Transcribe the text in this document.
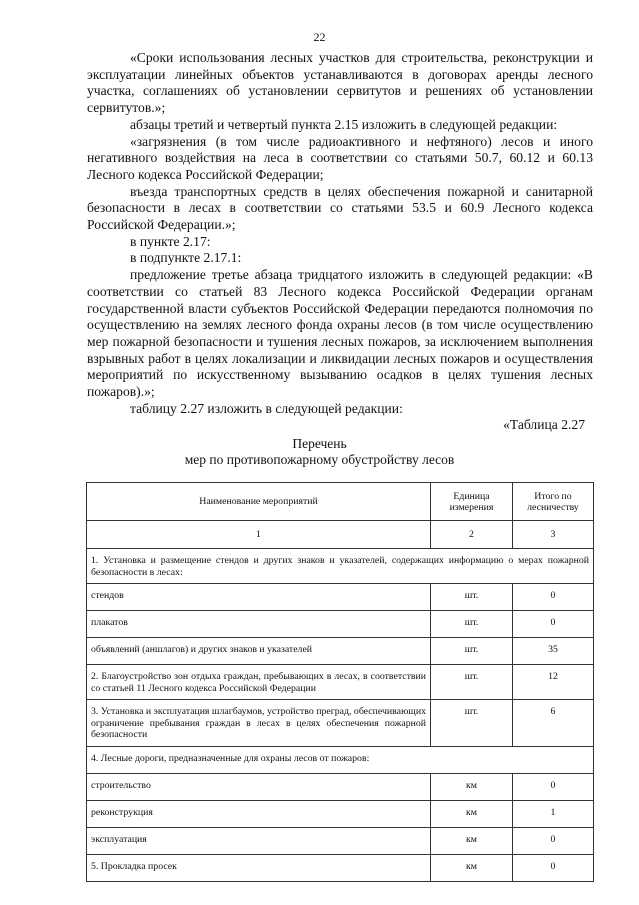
22

«Сроки использования лесных участков для строительства, реконструкции и эксплуатации линейных объектов устанавливаются в договорах аренды лесного участка, соглашениях об установлении сервитутов и решениях об установлении сервитутов.»;

абзацы третий и четвертый пункта 2.15 изложить в следующей редакции:

«загрязнения (в том числе радиоактивного и нефтяного) лесов и иного негативного воздействия на леса в соответствии со статьями 50.7, 60.12 и 60.13 Лесного кодекса Российской Федерации;

въезда транспортных средств в целях обеспечения пожарной и санитарной безопасности в лесах в соответствии со статьями 53.5 и 60.9 Лесного кодекса Российской Федерации.»;

в пункте 2.17:

в подпункте 2.17.1:

предложение третье абзаца тридцатого изложить в следующей редакции: «В соответствии со статьей 83 Лесного кодекса Российской Федерации органам государственной власти субъектов Российской Федерации передаются полномочия по осуществлению на землях лесного фонда охраны лесов (в том числе осуществлению мер пожарной безопасности и тушения лесных пожаров, за исключением выполнения взрывных работ в целях локализации и ликвидации лесных пожаров и осуществления мероприятий по искусственному вызыванию осадков в целях тушения лесных пожаров).»;

таблицу 2.27 изложить в следующей редакции:

«Таблица 2.27

Перечень
мер по противопожарному обустройству лесов
Наименование мероприятий	Единица измерения	Итого по лесничеству
1	2	3
1. Установка и размещение стендов и других знаков и указателей, содержащих информацию о мерах пожарной безопасности в лесах:		
стендов	шт.	0
плакатов	шт.	0
объявлений (аншлагов) и других знаков и указателей	шт.	35
2. Благоустройство зон отдыха граждан, пребывающих в лесах, в соответствии со статьей 11 Лесного кодекса Российской Федерации	шт.	12
3. Установка и эксплуатация шлагбаумов, устройство преград, обеспечивающих ограничение пребывания граждан в лесах в целях обеспечения пожарной безопасности	шт.	6
4. Лесные дороги, предназначенные для охраны лесов от пожаров:		
строительство	км	0
реконструкция	км	1
эксплуатация	км	0
5. Прокладка просек	км	0
